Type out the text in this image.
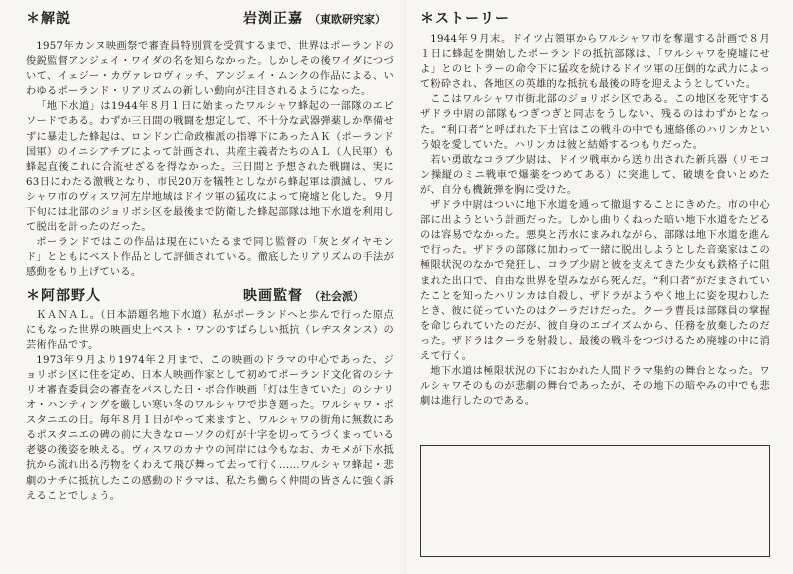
＊解説	岩渕正嘉 （東欧研究家）

1957年カンヌ映画祭で審査員特別賞を受賞するまで、世界はポーランドの俊鋭監督アンジェイ・ワイダの名を知らなかった。しかしその後ワイダにつづいて、イェジー・カヴァレロヴィッチ、アンジェイ・ムンクの作品による、いわゆるポーランド・リアリズムの新しい動向が注目されるようになった。

「地下水道」は1944年８月１日に始まったワルシャワ蜂起の一部隊のエピソードである。わずか三日間の戦闘を想定して、不十分な武器弾薬しか準備せずに暴走した蜂起は、ロンドン亡命政権派の指導下にあったＡＫ（ポーランド国軍）のイニシアチブによって計画され、共産主義者たちのＡＬ（人民軍）も蜂起直後これに合流せざるを得なかった。三日間と予想された戦闘は、実に63日にわたる激戦となり、市民20万を犠牲としながら蜂起軍は潰滅し、ワルシャワ市のヴィスワ河左岸地域はドイツ軍の猛攻によって廃墟と化した。９月下旬には北部のジョリボシ区を最後まで防衛した蜂起部隊は地下水道を利用して脱出を計ったのだった。

ポーランドではこの作品は現在にいたるまで同じ監督の「灰とダイヤモンド」とともにベスト作品として評価されている。徹底したリアリズムの手法が感動をもり上げている。

＊阿部野人	映画監督 （社会派）

ＫＡＮＡＬ。（日本語題名地下水道）私がポーランドへと歩んで行った原点にもなった世界の映画史上ベスト・ワンのすばらしい抵抗（レヂスタンス）の芸術作品です。

1973年９月より1974年２月まで、この映画のドラマの中心であった、ジョリボシ区に住を定め、日本人映画作家として初めてポーランド文化省のシナリオ審査委員会の審査をパスした日・ポ合作映画「灯は生きていた」のシナリオ・ハンティングを厳しい寒い冬のワルシャワで歩き廻った。ワルシャワ・ポスタニエの日。毎年８月１日がやって来ますと、ワルシャワの街角に無数にあるポスタニエの碑の前に大きなローソクの灯が十字を切ってうづくまっている老婆の後姿を映える。ヴィスワのカナウの河岸には今もなお、カモメが下水抵抗から流れ出る汚物をくわえて飛び舞って去って行く……ワルシャワ蜂起・悲劇のナチに抵抗したこの感動のドラマは、私たち働らく仲間の皆さんに強く訴えることでしょう。

＊ストーリー

1944年９月末。ドイツ占領軍からワルシャワ市を奪還する計画で８月１日に蜂起を開始したポーランドの抵抗部隊は、「ワルシャワを廃墟にせよ」とのヒトラーの命令下に猛攻を続けるドイツ軍の圧倒的な武力によって粉砕され、各地区の英雄的な抵抗も最後の時を迎えようとしていた。

ここはワルシャワ市街北部のジョリボシ区である。この地区を死守するザドラ中尉の部隊もつぎつぎと同志をうしない、残るのはわずかとなった。“利口者”と呼ばれた下士官はこの戦斗の中でも連絡係のハリンカという娘を愛していた。ハリンカは彼と結婚するつもりだった。

若い勇敢なコラブ少尉は、ドイツ戦車から送り出された新兵器（リモコン操縦のミニ戦車で爆薬をつめてある）に突進して、破壊を食いとめたが、自分も機銃弾を胸に受けた。

ザドラ中尉はついに地下水道を通って撤退することにきめた。市の中心部に出ようという計画だった。しかし曲りくねった暗い地下水道をたどるのは容易でなかった。悪臭と汚水にまみれながら、部隊は地下水道を進んで行った。ザドラの部隊に加わって一緒に脱出しようとした音楽家はこの極限状況のなかで発狂し、コラブ少尉と彼を支えてきた少女も鉄格子に阻まれた出口で、自由な世界を望みながら死んだ。“利口者”がだまされていたことを知ったハリンカは自殺し、ザドラがようやく地上に姿を現わしたとき、彼に従っていたのはクーラだけだった。クーラ曹長は部隊員の掌握を命じられていたのだが、彼自身のエゴイズムから、任務を放棄したのだった。ザドラはクーラを射殺し、最後の戦斗をつづけるため廃墟の中に消えて行く。

地下水道は極限状況の下におかれた人間ドラマ集約の舞台となった。ワルシャワそのものが悲劇の舞台であったが、その地下の暗やみの中でも悲劇は進行したのである。
